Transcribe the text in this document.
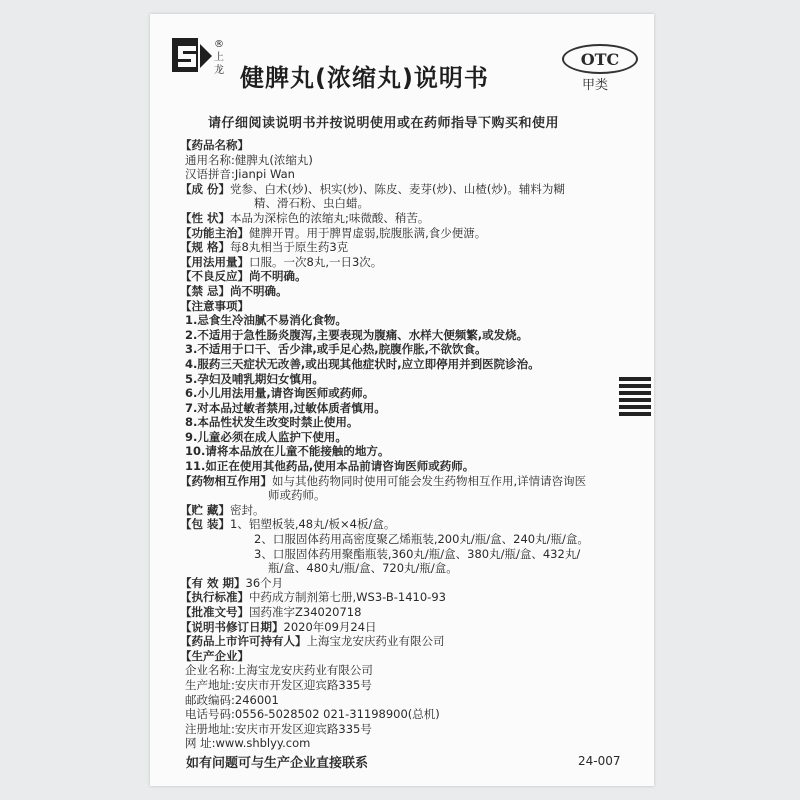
®
上
龙 健脾丸(浓缩丸)说明书
OTC
甲类
请仔细阅读说明书并按说明使用或在药师指导下购买和使用
【药品名称】
通用名称:健脾丸(浓缩丸)
汉语拼音:Jianpi Wan
【成 份】党参、白术(炒)、枳实(炒)、陈皮、麦芽(炒)、山楂(炒)。辅料为糊
精、滑石粉、虫白蜡。
【性 状】本品为深棕色的浓缩丸;味微酸、稍苦。
【功能主治】健脾开胃。用于脾胃虚弱,脘腹胀满,食少便溏。
【规 格】每8丸相当于原生药3克
【用法用量】口服。一次8丸,一日3次。
【不良反应】尚不明确。
【禁 忌】尚不明确。
【注意事项】
1.忌食生冷油腻不易消化食物。
2.不适用于急性肠炎腹泻,主要表现为腹痛、水样大便频繁,或发烧。
3.不适用于口干、舌少津,或手足心热,脘腹作胀,不欲饮食。
4.服药三天症状无改善,或出现其他症状时,应立即停用并到医院诊治。
5.孕妇及哺乳期妇女慎用。
6.小儿用法用量,请咨询医师或药师。
7.对本品过敏者禁用,过敏体质者慎用。
8.本品性状发生改变时禁止使用。
9.儿童必须在成人监护下使用。
10.请将本品放在儿童不能接触的地方。
11.如正在使用其他药品,使用本品前请咨询医师或药师。
【药物相互作用】如与其他药物同时使用可能会发生药物相互作用,详情请咨询医
师或药师。
【贮 藏】密封。
【包 装】1、铝塑板装,48丸/板×4板/盒。
2、口服固体药用高密度聚乙烯瓶装,200丸/瓶/盒、240丸/瓶/盒。
3、口服固体药用聚酯瓶装,360丸/瓶/盒、380丸/瓶/盒、432丸/
瓶/盒、480丸/瓶/盒、720丸/瓶/盒。
【有 效 期】36个月
【执行标准】中药成方制剂第七册,WS3-B-1410-93
【批准文号】国药准字Z34020718
【说明书修订日期】2020年09月24日
【药品上市许可持有人】上海宝龙安庆药业有限公司
【生产企业】
企业名称:上海宝龙安庆药业有限公司
生产地址:安庆市开发区迎宾路335号
邮政编码:246001
电话号码:0556-5028502 021-31198900(总机)
注册地址:安庆市开发区迎宾路335号
网 址:www.shblyy.com
如有问题可与生产企业直接联系	24-007
